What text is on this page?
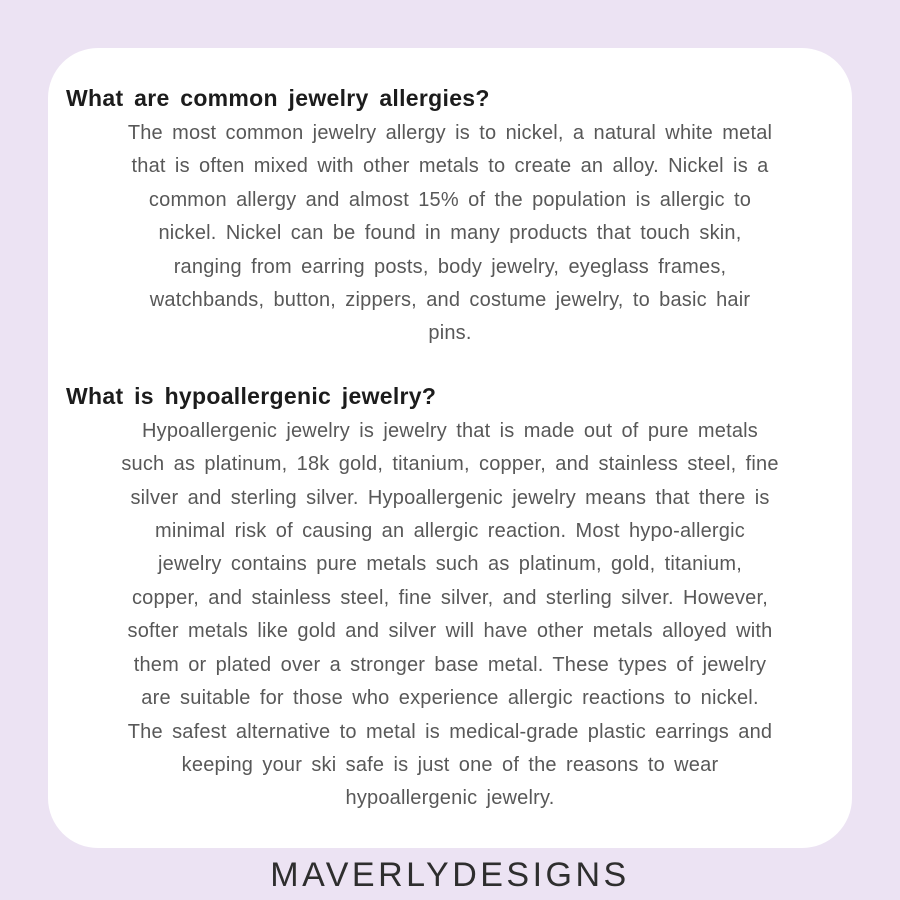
What are common jewelry allergies?
The most common jewelry allergy is to nickel, a natural white metal
that is often mixed with other metals to create an alloy. Nickel is a
common allergy and almost 15% of the population is allergic to
nickel. Nickel can be found in many products that touch skin,
ranging from earring posts, body jewelry, eyeglass frames,
watchbands, button, zippers, and costume jewelry, to basic hair
pins.
What is hypoallergenic jewelry?
Hypoallergenic jewelry is jewelry that is made out of pure metals
such as platinum, 18k gold, titanium, copper, and stainless steel, fine
silver and sterling silver. Hypoallergenic jewelry means that there is
minimal risk of causing an allergic reaction. Most hypo-allergic
jewelry contains pure metals such as platinum, gold, titanium,
copper, and stainless steel, fine silver, and sterling silver. However,
softer metals like gold and silver will have other metals alloyed with
them or plated over a stronger base metal. These types of jewelry
are suitable for those who experience allergic reactions to nickel.
The safest alternative to metal is medical-grade plastic earrings and
keeping your ski safe is just one of the reasons to wear
hypoallergenic jewelry.
MAVERLYDESIGNS
